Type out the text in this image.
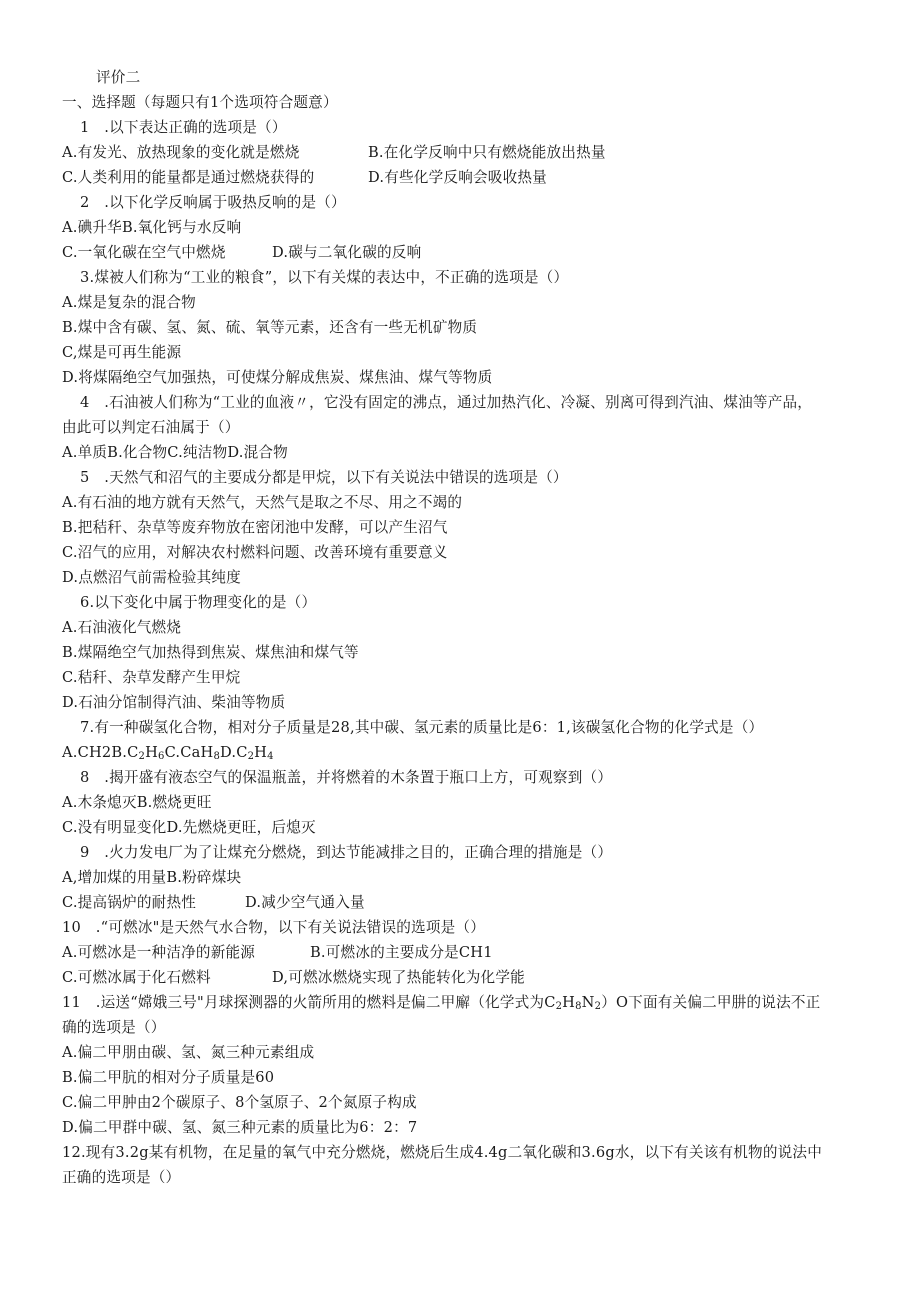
评价二
一、选择题（每题只有1个选项符合题意）
1　.以下表达正确的选项是（）
A.有发光、放热现象的变化就是燃烧	B.在化学反响中只有燃烧能放出热量
C.人类利用的能量都是通过燃烧获得的	D.有些化学反响会吸收热量
2　.以下化学反响属于吸热反响的是（）
A.碘升华B.氧化钙与水反响
C.一氧化碳在空气中燃烧	D.碳与二氧化碳的反响
3.煤被人们称为“工业的粮食”，以下有关煤的表达中，不正确的选项是（）
A.煤是复杂的混合物
B.煤中含有碳、氢、氮、硫、氧等元素，还含有一些无机矿物质
C,煤是可再生能源
D.将煤隔绝空气加强热，可使煤分解成焦炭、煤焦油、煤气等物质
4　.石油被人们称为“工业的血液〃，它没有固定的沸点，通过加热汽化、冷凝、别离可得到汽油、煤油等产品，
由此可以判定石油属于（）
A.单质B.化合物C.纯洁物D.混合物
5　.天然气和沼气的主要成分都是甲烷，以下有关说法中错误的选项是（）
A.有石油的地方就有天然气，天然气是取之不尽、用之不竭的
B.把秸秆、杂草等废弃物放在密闭池中发酵，可以产生沼气
C.沼气的应用，对解决农村燃料问题、改善环境有重要意义
D.点燃沼气前需检验其纯度
6.以下变化中属于物理变化的是（）
A.石油液化气燃烧
B.煤隔绝空气加热得到焦炭、煤焦油和煤气等
C.秸秆、杂草发酵产生甲烷
D.石油分馆制得汽油、柴油等物质
7.有一种碳氢化合物，相对分子质量是28,其中碳、氢元素的质量比是6：1,该碳氢化合物的化学式是（）
$A.CH2B.C_2H_6C.CaH_8D.C_2H_4$
8　.揭开盛有液态空气的保温瓶盖，并将燃着的木条置于瓶口上方，可观察到（）
A.木条熄灭B.燃烧更旺
C.没有明显变化D.先燃烧更旺，后熄灭
9　.火力发电厂为了让煤充分燃烧，到达节能减排之目的，正确合理的措施是（）
A,增加煤的用量B.粉碎煤块
C.提高锅炉的耐热性	D.减少空气通入量
10　.“可燃冰"是天然气水合物，以下有关说法错误的选项是（）
A.可燃冰是一种洁净的新能源	B.可燃冰的主要成分是CH1
C.可燃冰属于化石燃料	D,可燃冰燃烧实现了热能转化为化学能
11　.运送“嫦娥三号"月球探测器的火箭所用的燃料是偏二甲廨（化学式为$C_2H_8N_2)O$下面有关偏二甲肼的说法不正
确的选项是（）
A.偏二甲朋由碳、氢、氮三种元素组成
B.偏二甲肮的相对分子质量是60
C.偏二甲肿由2个碳原子、8个氢原子、2个氮原子构成
D.偏二甲群中碳、氢、氮三种元素的质量比为6：2：7
12.现有3.2g某有机物，在足量的氧气中充分燃烧，燃烧后生成4.4g二氧化碳和3.6g水，以下有关该有机物的说法中
正确的选项是（）
